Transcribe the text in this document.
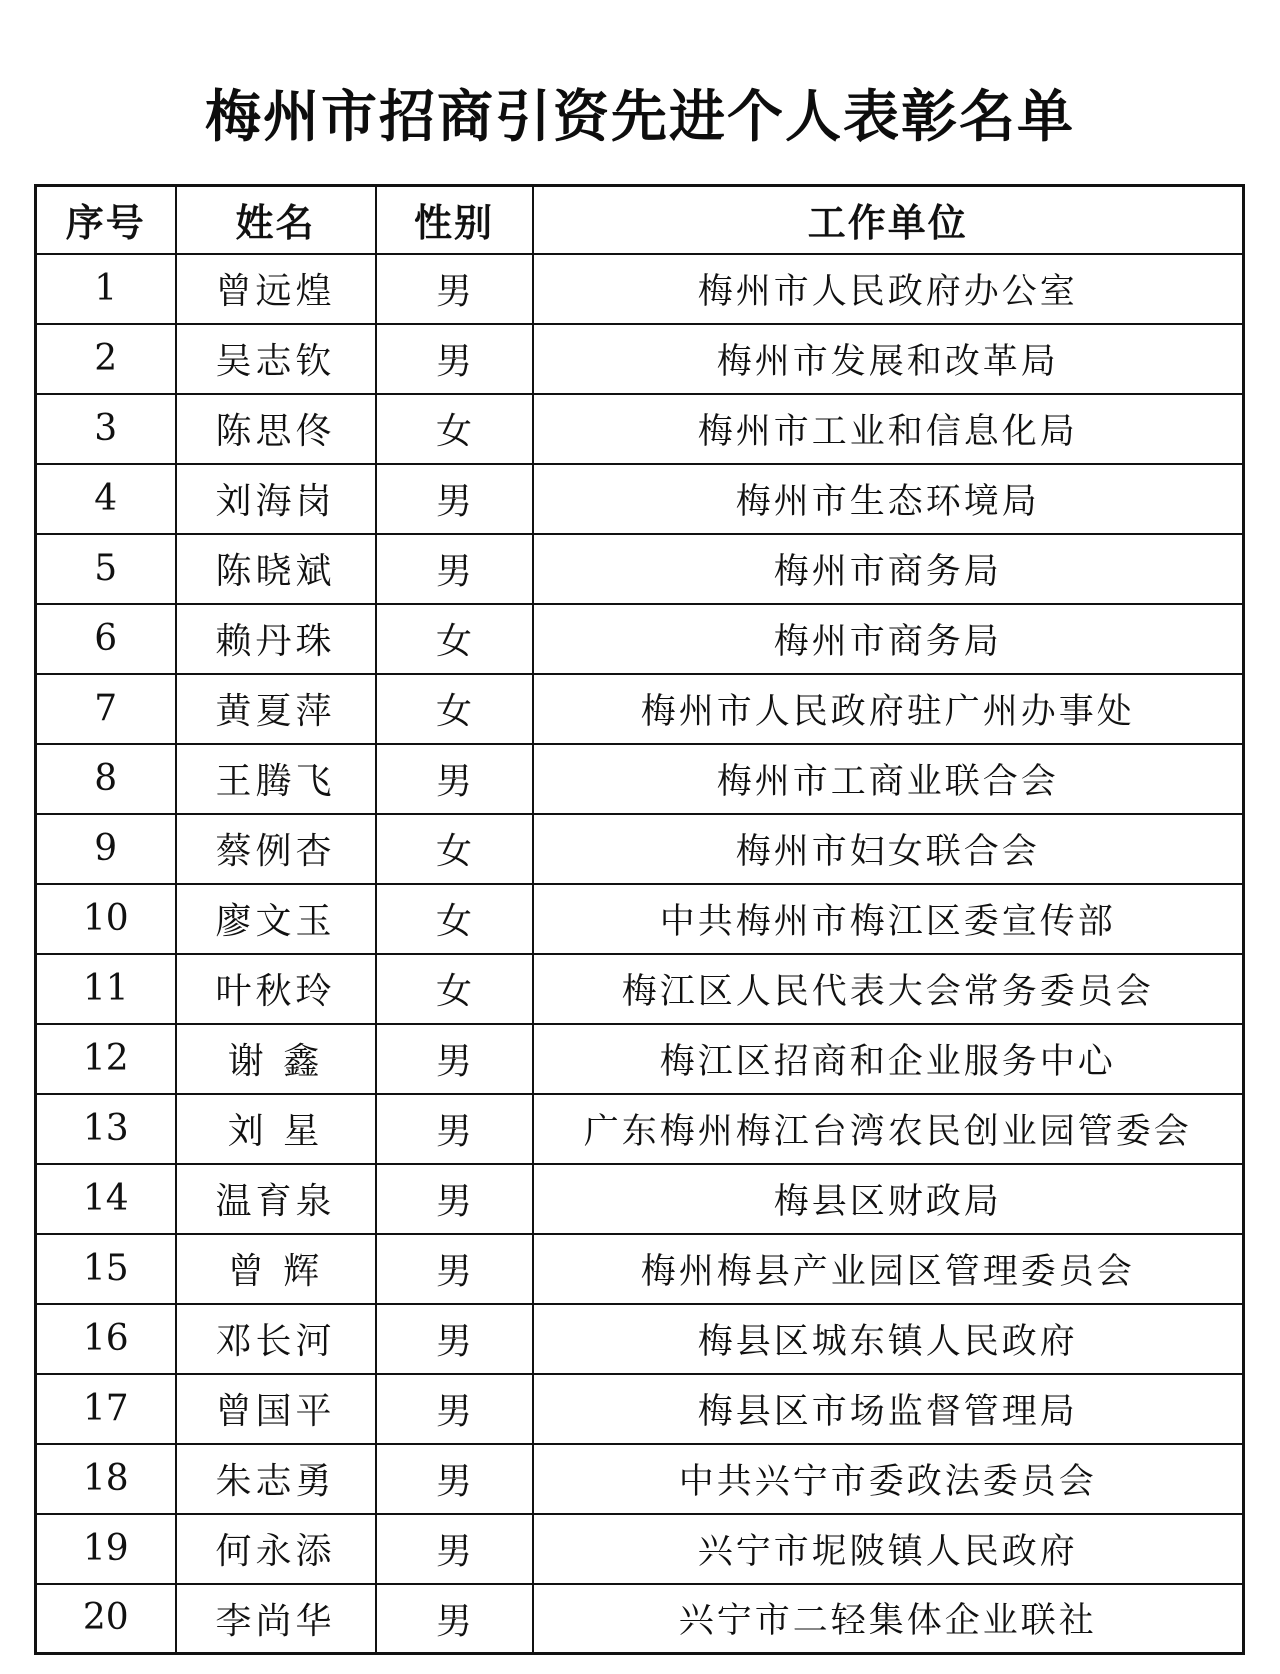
梅州市招商引资先进个人表彰名单
序号	姓名	性别	工作单位
1	曾远煌	男	梅州市人民政府办公室
2	吴志钦	男	梅州市发展和改革局
3	陈思佟	女	梅州市工业和信息化局
4	刘海岗	男	梅州市生态环境局
5	陈晓斌	男	梅州市商务局
6	赖丹珠	女	梅州市商务局
7	黄夏萍	女	梅州市人民政府驻广州办事处
8	王腾飞	男	梅州市工商业联合会
9	蔡例杏	女	梅州市妇女联合会
10	廖文玉	女	中共梅州市梅江区委宣传部
11	叶秋玲	女	梅江区人民代表大会常务委员会
12	谢 鑫	男	梅江区招商和企业服务中心
13	刘 星	男	广东梅州梅江台湾农民创业园管委会
14	温育泉	男	梅县区财政局
15	曾 辉	男	梅州梅县产业园区管理委员会
16	邓长河	男	梅县区城东镇人民政府
17	曾国平	男	梅县区市场监督管理局
18	朱志勇	男	中共兴宁市委政法委员会
19	何永添	男	兴宁市坭陂镇人民政府
20	李尚华	男	兴宁市二轻集体企业联社
